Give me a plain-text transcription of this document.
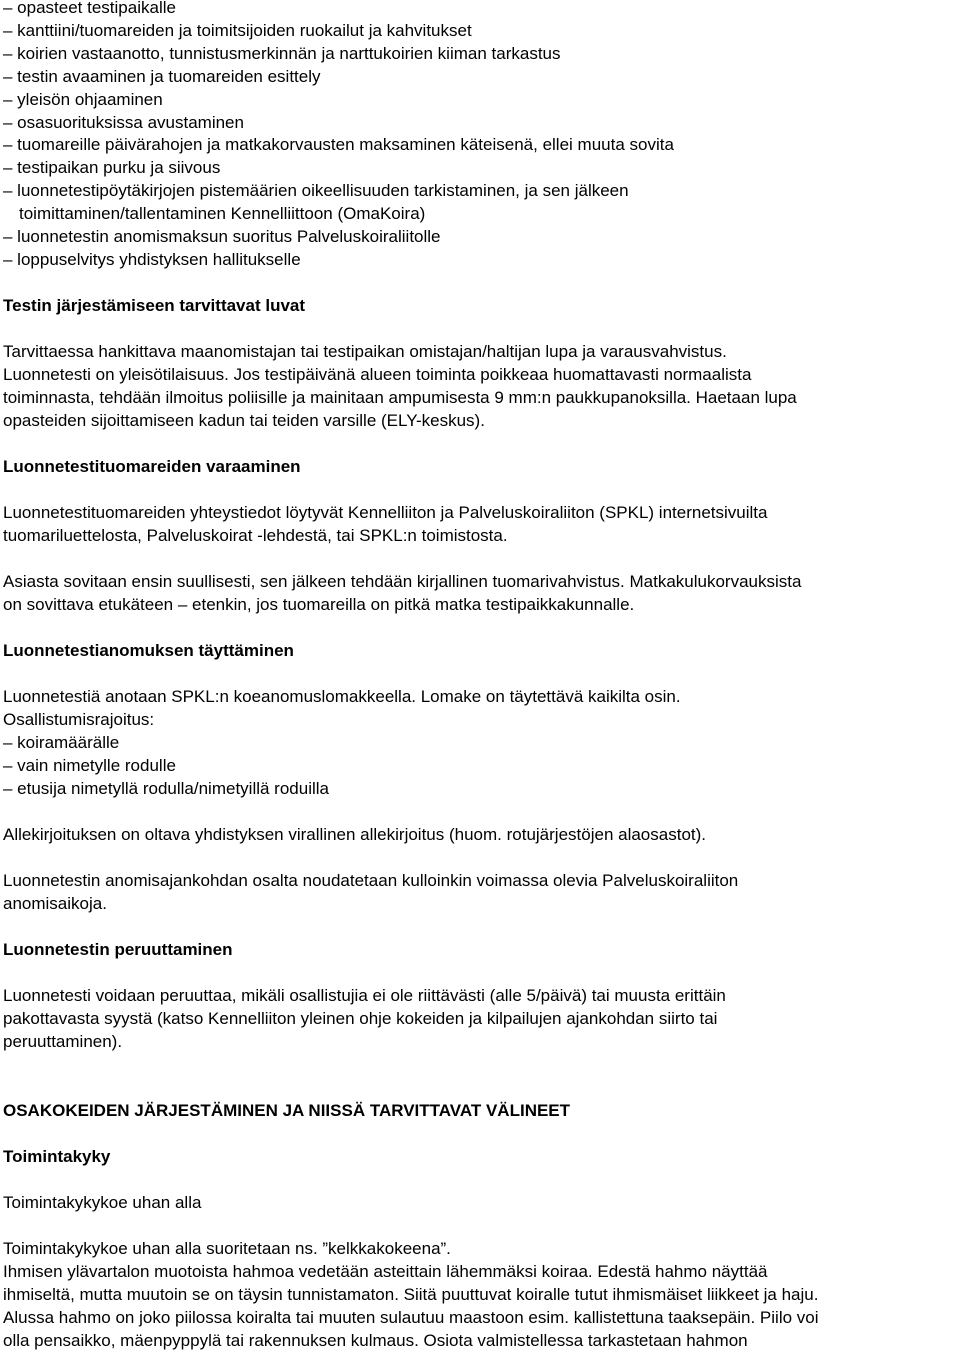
– opasteet testipaikalle
– kanttiini/tuomareiden ja toimitsijoiden ruokailut ja kahvitukset
– koirien vastaanotto, tunnistusmerkinnän ja narttukoirien kiiman tarkastus
– testin avaaminen ja tuomareiden esittely
– yleisön ohjaaminen
– osasuorituksissa avustaminen
– tuomareille päivärahojen ja matkakorvausten maksaminen käteisenä, ellei muuta sovita
– testipaikan purku ja siivous
– luonnetestipöytäkirjojen pistemäärien oikeellisuuden tarkistaminen, ja sen jälkeen
toimittaminen/tallentaminen Kennelliittoon (OmaKoira)
– luonnetestin anomismaksun suoritus Palveluskoiraliitolle
– loppuselvitys yhdistyksen hallitukselle
Testin järjestämiseen tarvittavat luvat
Tarvittaessa hankittava maanomistajan tai testipaikan omistajan/haltijan lupa ja varausvahvistus.
Luonnetesti on yleisötilaisuus. Jos testipäivänä alueen toiminta poikkeaa huomattavasti normaalista
toiminnasta, tehdään ilmoitus poliisille ja mainitaan ampumisesta 9 mm:n paukkupanoksilla. Haetaan lupa
opasteiden sijoittamiseen kadun tai teiden varsille (ELY-keskus).
Luonnetestituomareiden varaaminen
Luonnetestituomareiden yhteystiedot löytyvät Kennelliiton ja Palveluskoiraliiton (SPKL) internetsivuilta
tuomariluettelosta, Palveluskoirat -lehdestä, tai SPKL:n toimistosta.
Asiasta sovitaan ensin suullisesti, sen jälkeen tehdään kirjallinen tuomarivahvistus. Matkakulukorvauksista
on sovittava etukäteen – etenkin, jos tuomareilla on pitkä matka testipaikkakunnalle.
Luonnetestianomuksen täyttäminen
Luonnetestiä anotaan SPKL:n koeanomuslomakkeella. Lomake on täytettävä kaikilta osin.
Osallistumisrajoitus:
– koiramäärälle
– vain nimetylle rodulle
– etusija nimetyllä rodulla/nimetyillä roduilla
Allekirjoituksen on oltava yhdistyksen virallinen allekirjoitus (huom. rotujärjestöjen alaosastot).
Luonnetestin anomisajankohdan osalta noudatetaan kulloinkin voimassa olevia Palveluskoiraliiton
anomisaikoja.
Luonnetestin peruuttaminen
Luonnetesti voidaan peruuttaa, mikäli osallistujia ei ole riittävästi (alle 5/päivä) tai muusta erittäin
pakottavasta syystä (katso Kennelliiton yleinen ohje kokeiden ja kilpailujen ajankohdan siirto tai
peruuttaminen).
OSAKOKEIDEN JÄRJESTÄMINEN JA NIISSÄ TARVITTAVAT VÄLINEET
Toimintakyky
Toimintakykykoe uhan alla
Toimintakykykoe uhan alla suoritetaan ns. ”kelkkakokeena”.
Ihmisen ylävartalon muotoista hahmoa vedetään asteittain lähemmäksi koiraa. Edestä hahmo näyttää
ihmiseltä, mutta muutoin se on täysin tunnistamaton. Siitä puuttuvat koiralle tutut ihmismäiset liikkeet ja haju.
Alussa hahmo on joko piilossa koiralta tai muuten sulautuu maastoon esim. kallistettuna taaksepäin. Piilo voi
olla pensaikko, mäenpyppylä tai rakennuksen kulmaus. Osiota valmistellessa tarkastetaan hahmon
